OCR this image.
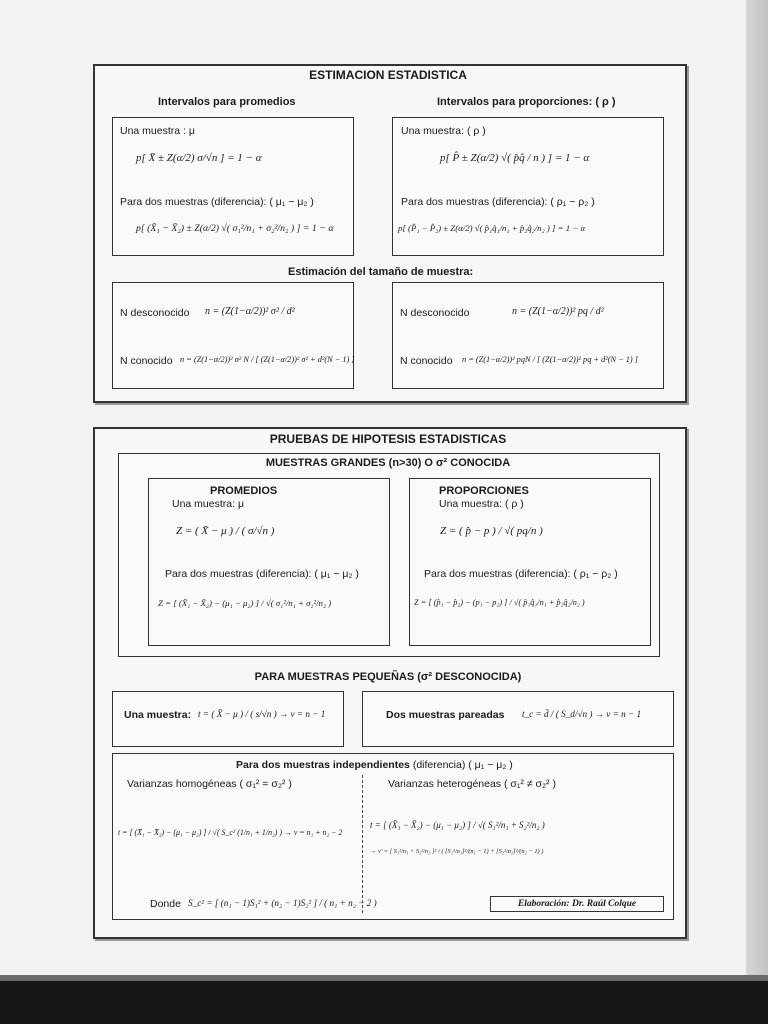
ESTIMACION ESTADISTICA
Intervalos para promedios	Intervalos para proporciones: ( ρ )
Una muestra : μ
p[ X̄ ± Z(α/2) σ/√n ] = 1 − α
Para dos muestras (diferencia): ( μ₁ − μ₂ )
p[ (X̄₁ − X̄₂) ± Z(α/2) √( σ₁²/n₁ + σ₂²/n₂ ) ] = 1 − α
Una muestra: ( ρ )
p[ P̂ ± Z(α/2) √( p̂q̂ / n ) ] = 1 − α
Para dos muestras (diferencia): ( ρ₁ − ρ₂ )
p[ (P̂₁ − P̂₂) ± Z(α/2) √( p̂₁q̂₁/n₁ + p̂₂q̂₂/n₂ ) ] = 1 − α
Estimación del tamaño de muestra:
N desconocido n = (Z(1−α/2))² σ² / d²
N conocido n = (Z(1−α/2))² σ² N / [ (Z(1−α/2))² σ² + d²(N − 1) ]
N desconocido	n = (Z(1−α/2))² pq / d²
N conocido n = (Z(1−α/2))² pqN / [ (Z(1−α/2))² pq + d²(N − 1) ]
PRUEBAS DE HIPOTESIS ESTADISTICAS
MUESTRAS GRANDES (n>30) O σ² CONOCIDA
PROMEDIOS
Una muestra: μ
Z = ( X̄ − μ ) / ( σ/√n )
Para dos muestras (diferencia): ( μ₁ − μ₂ )
Z = [ (X̄₁ − X̄₂) − (μ₁ − μ₂) ] / √( σ₁²/n₁ + σ₂²/n₂ )
PROPORCIONES
Una muestra: ( ρ )
Z = ( p̂ − p ) / √( pq/n )
Para dos muestras (diferencia): ( ρ₁ − ρ₂ )
Z = [ (p̂₁ − p̂₂) − (p₁ − p₂) ] / √( p̂₁q̂₁/n₁ + p̂₂q̂₂/n₂ )
PARA MUESTRAS PEQUEÑAS (σ² DESCONOCIDA)
Una muestra: t = ( X̄ − μ ) / ( s/√n ) → ν = n − 1	Dos muestras pareadas t_c = d̄ / ( S_d/√n ) → ν = n − 1
Para dos muestras independientes (diferencia) ( μ₁ − μ₂ )
Varianzas homogéneas ( σ₁² = σ₂² )
t = [ (X̄₁ − X̄₂) − (μ₁ − μ₂) ] / √( S_c² (1/n₁ + 1/n₂) ) → ν = n₁ + n₂ − 2
Donde S_c² = [ (n₁ − 1)S₁² + (n₂ − 1)S₂² ] / ( n₁ + n₂ − 2 )
Varianzas heterogéneas ( σ₁² ≠ σ₂² )
t = [ (X̄₁ − X̄₂) − (μ₁ − μ₂) ] / √( S₁²/n₁ + S₂²/n₂ )
→ ν' = [ S₁²/n₁ + S₂²/n₂ ]² / ( [S₁²/n₁]²/(n₁ − 1) + [S₂²/n₂]²/(n₂ − 1) )
Elaboración: Dr. Raúl Colque
